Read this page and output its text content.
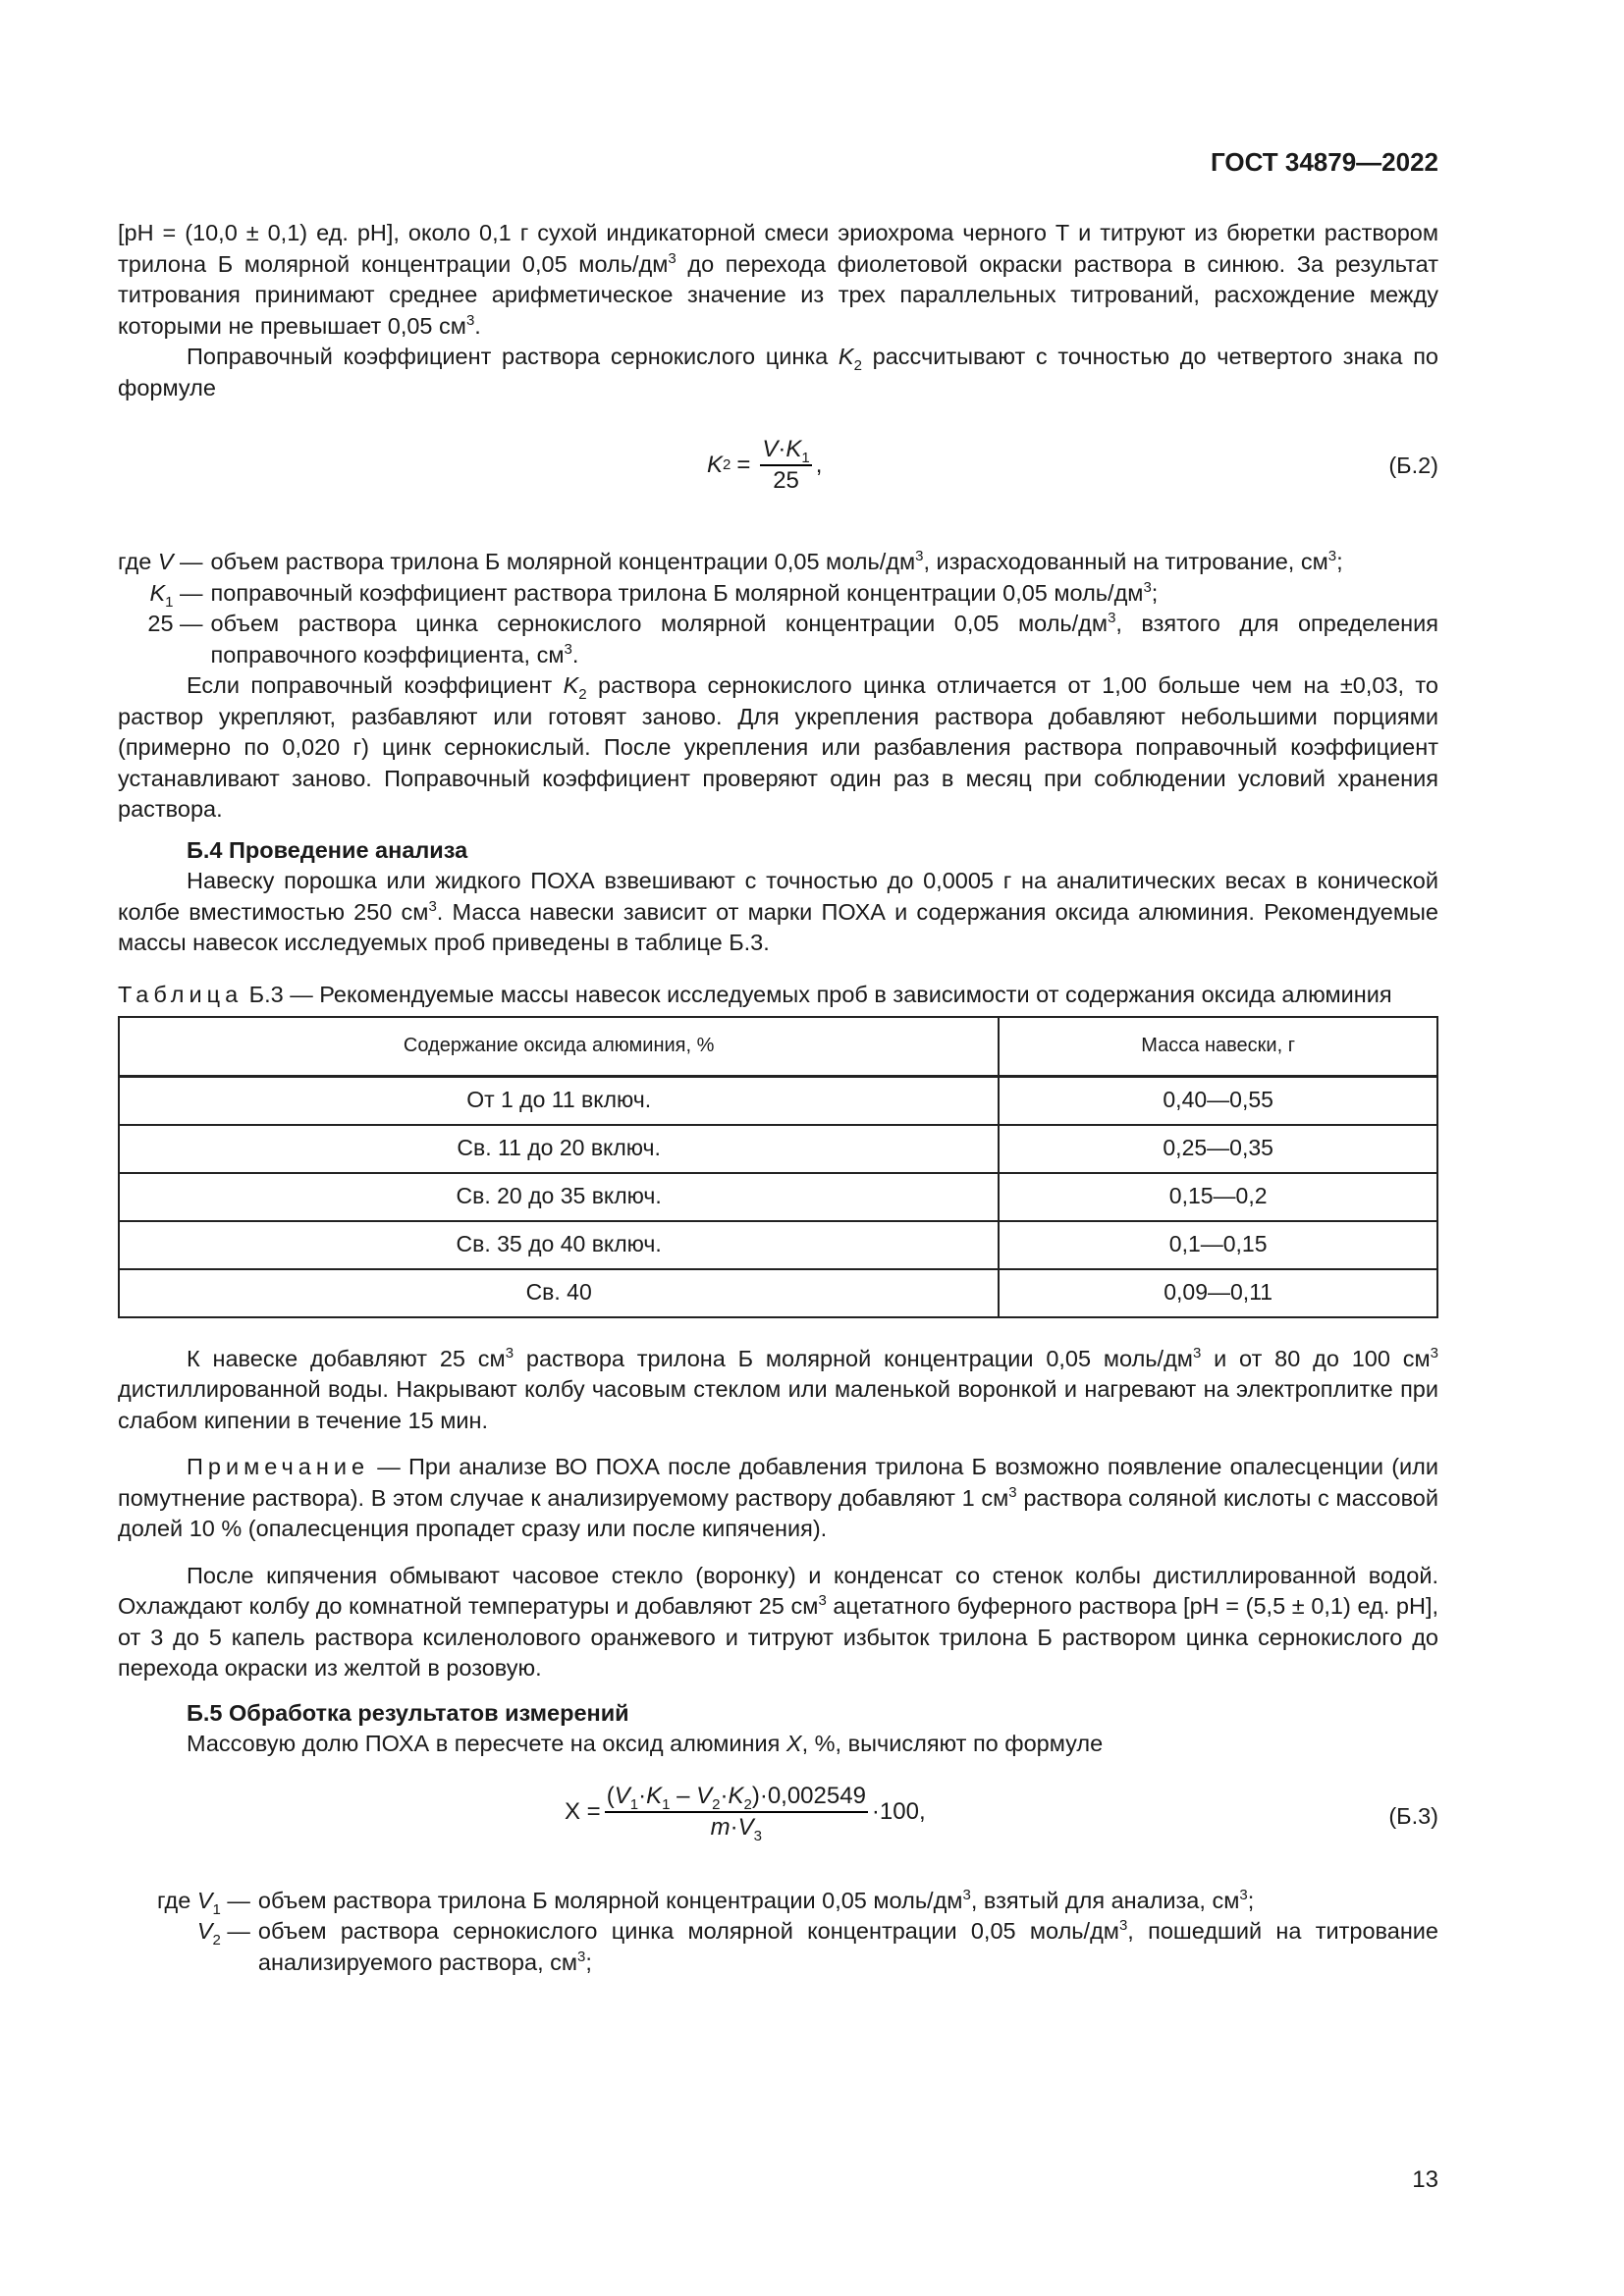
ГОСТ 34879—2022

[pH = (10,0 ± 0,1) ед. pH], около 0,1 г сухой индикаторной смеси эриохрома черного Т и титруют из бюретки раствором трилона Б молярной концентрации 0,05 моль/$дм^3$ до перехода фиолетовой окраски раствора в синюю. За результат титрования принимают среднее арифметическое значение из трех параллельных титрований, расхождение между которыми не превышает 0,05 $см^3$.

Поправочный коэффициент раствора сернокислого цинка $K_2$ рассчитывают с точностью до четвертого знака по формуле

K $2 = \frac{V\cdot K_1}{25}$ ,	(Б.2)
где V — объем раствора трилона Б молярной концентрации 0,05 моль/$дм^3$, израсходованный на титрование, $см^3$;
$K_1$ — поправочный коэффициент раствора трилона Б молярной концентрации 0,05 моль/$дм^3$;
25 — объем раствора цинка сернокислого молярной концентрации 0,05 моль/$дм^3$, взятого для определения поправочного коэффициента, $см^3$.

Если поправочный коэффициент $K_2$ раствора сернокислого цинка отличается от 1,00 больше чем на ±0,03, то раствор укрепляют, разбавляют или готовят заново. Для укрепления раствора добавляют небольшими порциями (примерно по 0,020 г) цинк сернокислый. После укрепления или разбавления раствора поправочный коэффициент устанавливают заново. Поправочный коэффициент проверяют один раз в месяц при соблюдении условий хранения раствора.

Б.4 Проведение анализа

Навеску порошка или жидкого ПОХА взвешивают с точностью до 0,0005 г на аналитических весах в конической колбе вместимостью 250 $см^3$. Масса навески зависит от марки ПОХА и содержания оксида алюминия. Рекомендуемые массы навесок исследуемых проб приведены в таблице Б.3.

Таблица Б.3 — Рекомендуемые массы навесок исследуемых проб в зависимости от содержания оксида алюминия

Содержание оксида алюминия, %	Масса навески, г
От 1 до 11 включ.	0,40—0,55
Св. 11 до 20 включ.	0,25—0,35
Св. 20 до 35 включ.	0,15—0,2
Св. 35 до 40 включ.	0,1—0,15
Св. 40	0,09—0,11

К навеске добавляют 25 $см^3$ раствора трилона Б молярной концентрации 0,05 моль/$дм^3$ и от 80 до 100 $см^3$ дистиллированной воды. Накрывают колбу часовым стеклом или маленькой воронкой и нагревают на электроплитке при слабом кипении в течение 15 мин.

Примечание — При анализе ВО ПОХА после добавления трилона Б возможно появление опалесценции (или помутнение раствора). В этом случае к анализируемому раствору добавляют 1 $см^3$ раствора соляной кислоты с массовой долей 10 % (опалесценция пропадет сразу или после кипячения).

После кипячения обмывают часовое стекло (воронку) и конденсат со стенок колбы дистиллированной водой. Охлаждают колбу до комнатной температуры и добавляют 25 $см^3$ ацетатного буферного раствора [pH = (5,5 ± 0,1) ед. pH], от 3 до 5 капель раствора ксиленолового оранжевого и титруют избыток трилона Б раствором цинка сернокислого до перехода окраски из желтой в розовую.

Б.5 Обработка результатов измерений

Массовую долю ПОХА в пересчете на оксид алюминия X, %, вычисляют по формуле

$X = \frac{(V_1\cdot K_1 - V_2\cdot K_2)\cdot 0,002549}{m\cdot V_3} \cdot 100$,	(Б.3)
где $V_1$ — объем раствора трилона Б молярной концентрации 0,05 моль/$дм^3$, взятый для анализа, $см^3$;
$V_2$ — объем раствора сернокислого цинка молярной концентрации 0,05 моль/$дм^3$, пошедший на титрование анализируемого раствора, $см^3$;
13
